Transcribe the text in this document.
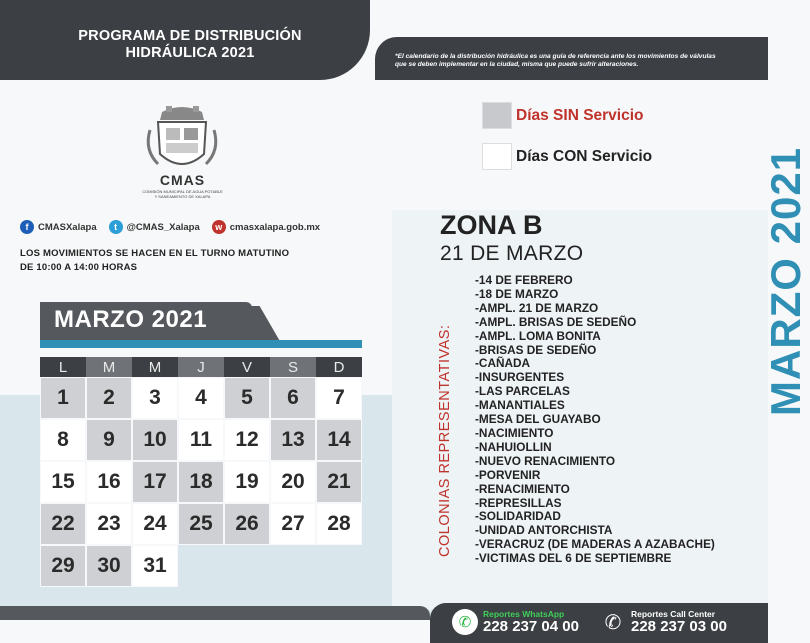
PROGRAMA DE DISTRIBUCIÓN
HIDRÁULICA 2021	*El calendario de la distribución hidráulica es una guía de referencia ante los movimientos de válvulas
que se deben implementar en la ciudad, misma que puede sufrir alteraciones.
CMAS
COMISIÓN MUNICIPAL DE AGUA POTABLE
Y SANEAMIENTO DE XALAPA
f	CMASXalapa	t	@CMAS_Xalapa	w cmasxalapa.gob.mx
LOS MOVIMIENTOS SE HACEN EN EL TURNO MATUTINO
DE 10:00 A 14:00 HORAS
MARZO 2021
L	M	M	J	V	S	D
1	2	3	4	5	6	7
8	9	10	11	12	13	14
15	16	17	18	19	20	21
22	23	24	25	26	27	28
29	30	31
Días SIN Servicio
Días CON Servicio
ZONA B
21 DE MARZO
COLONIAS REPRESENTATIVAS:
-14 DE FEBRERO
-18 DE MARZO
-AMPL. 21 DE MARZO
-AMPL. BRISAS DE SEDEÑO
-AMPL. LOMA BONITA
-BRISAS DE SEDEÑO
-CAÑADA
-INSURGENTES
-LAS PARCELAS
-MANANTIALES
-MESA DEL GUAYABO
-NACIMIENTO
-NAHUIOLLIN
-NUEVO RENACIMIENTO
-PORVENIR
-RENACIMIENTO
-REPRESILLAS
-SOLIDARIDAD
-UNIDAD ANTORCHISTA
-VERACRUZ (DE MADERAS A AZABACHE)
-VICTIMAS DEL 6 DE SEPTIEMBRE
MARZO 2021
✆	Reportes WhatsApp
228 237 04 00 ✆	Reportes Call Center
228 237 03 00
